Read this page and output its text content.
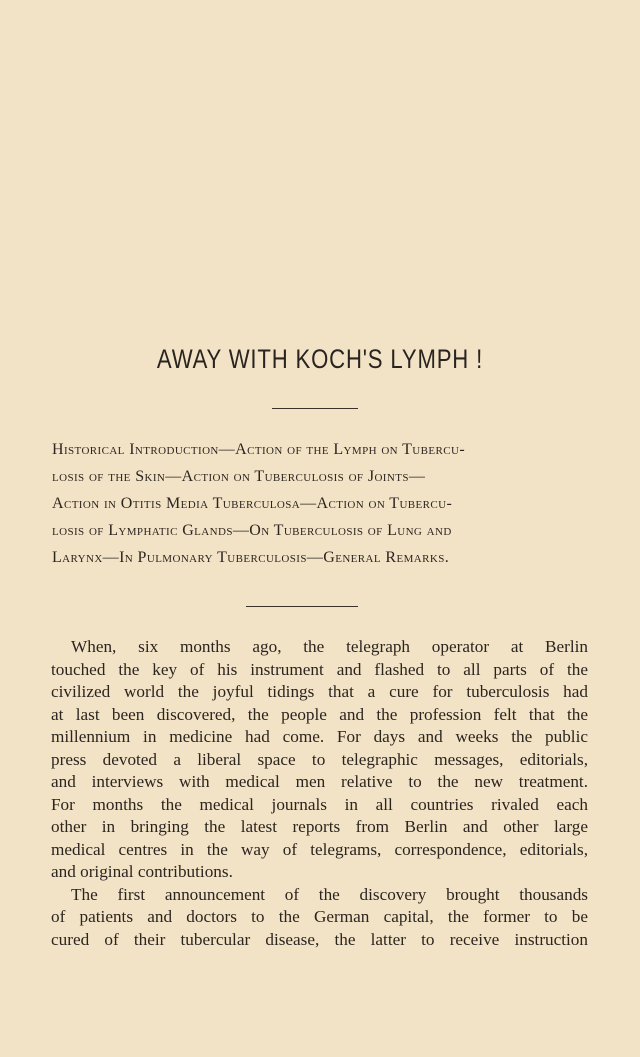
AWAY WITH KOCH'S LYMPH !
Historical Introduction—Action of the Lymph on Tubercu-
losis of the Skin—Action on Tuberculosis of Joints—
Action in Otitis Media Tuberculosa—Action on Tubercu-
losis of Lymphatic Glands—On Tuberculosis of Lung and
Larynx—In Pulmonary Tuberculosis—General Remarks.
When, six months ago, the telegraph operator at Berlin
touched the key of his instrument and flashed to all parts of the
civilized world the joyful tidings that a cure for tuberculosis had
at last been discovered, the people and the profession felt that the
millennium in medicine had come. For days and weeks the public
press devoted a liberal space to telegraphic messages, editorials,
and interviews with medical men relative to the new treatment.
For months the medical journals in all countries rivaled each
other in bringing the latest reports from Berlin and other large
medical centres in the way of telegrams, correspondence, editorials,
and original contributions.
The first announcement of the discovery brought thousands
of patients and doctors to the German capital, the former to be
cured of their tubercular disease, the latter to receive instruction
